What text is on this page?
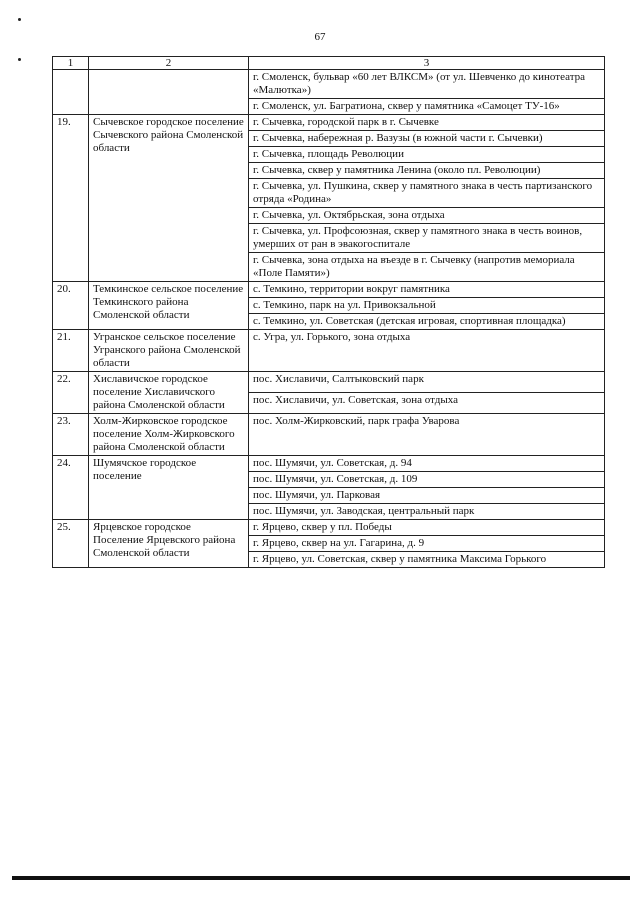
67
1	2	3
		г. Смоленск, бульвар «60 лет ВЛКСМ» (от ул. Шевченко до кинотеатра «Малютка»)
		г. Смоленск, ул. Багратиона, сквер у памятника «Самоцет ТУ-16»
19.	Сычевское городское поселение Сычевского района Смоленской области	г. Сычевка, городской парк в г. Сычевке
		г. Сычевка, набережная р. Вазузы (в южной части г. Сычевки)
		г. Сычевка, площадь Революции
		г. Сычевка, сквер у памятника Ленина (около пл. Революции)
		г. Сычевка, ул. Пушкина, сквер у памятного знака в честь партизанского отряда «Родина»
		г. Сычевка, ул. Октябрьская, зона отдыха
		г. Сычевка, ул. Профсоюзная, сквер у памятного знака в честь воинов, умерших от ран в эвакогоспитале
		г. Сычевка, зона отдыха на въезде в г. Сычевку (напротив мемориала «Поле Памяти»)
20.	Темкинское сельское поселение Темкинского района Смоленской области	с. Темкино, территории вокруг памятника
		с. Темкино, парк на ул. Привокзальной
		с. Темкино, ул. Советская (детская игровая, спортивная площадка)
21.	Угранское сельское поселение Угранского района Смоленской области	с. Угра, ул. Горького, зона отдыха
22.	Хиславичское городское поселение Хиславичского района Смоленской области	пос. Хиславичи, Салтыковский парк
		пос. Хиславичи, ул. Советская, зона отдыха
23.	Холм-Жирковское городское поселение Холм-Жирковского района Смоленской области	пос. Холм-Жирковский, парк графа Уварова
24.	Шумячское городское поселение	пос. Шумячи, ул. Советская, д. 94
		пос. Шумячи, ул. Советская, д. 109
		пос. Шумячи, ул. Парковая
		пос. Шумячи, ул. Заводская, центральный парк
25.	Ярцевское городское Поселение Ярцевского района Смоленской области	г. Ярцево, сквер у пл. Победы
		г. Ярцево, сквер на ул. Гагарина, д. 9
		г. Ярцево, ул. Советская, сквер у памятника Максима Горького
